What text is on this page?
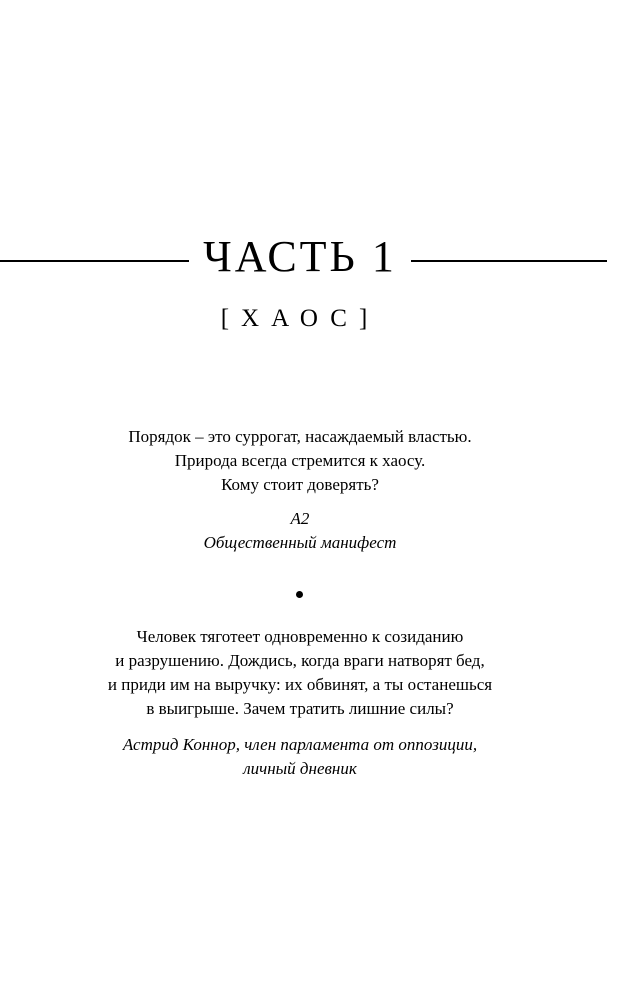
ЧАСТЬ 1
[ХАОС]
Порядок – это суррогат, насаждаемый властью.
Природа всегда стремится к хаосу.
Кому стоит доверять?
А2
Общественный манифест
Человек тяготеет одновременно к созиданию
и разрушению. Дождись, когда враги натворят бед,
и приди им на выручку: их обвинят, а ты останешься
в выигрыше. Зачем тратить лишние силы?
Астрид Коннор, член парламента от оппозиции,
личный дневник
